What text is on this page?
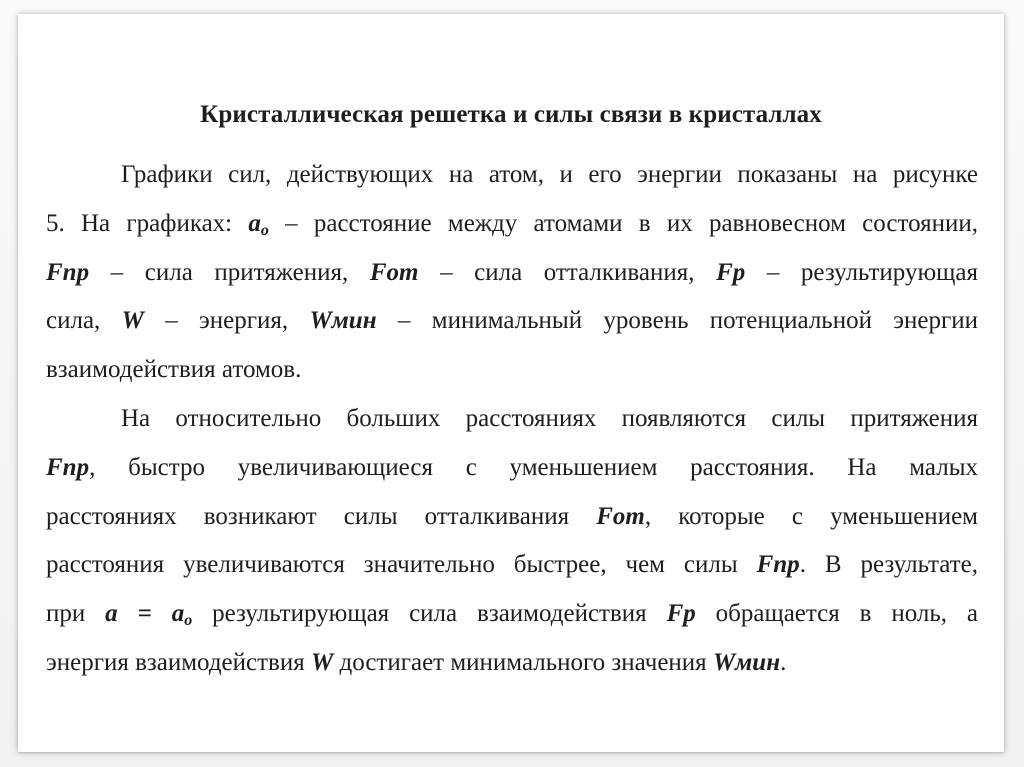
Кристаллическая решетка и силы связи в кристаллах
Графики сил, действующих на атом, и его энергии показаны на рисунке
5. На графиках: ao – расстояние между атомами в их равновесном состоянии,
Fпр – сила притяжения, Fот – сила отталкивания, Fр – результирующая
сила, W – энергия, Wмин – минимальный уровень потенциальной энергии
взаимодействия атомов.
На относительно больших расстояниях появляются силы притяжения
Fпр, быстро увеличивающиеся с уменьшением расстояния. На малых
расстояниях возникают силы отталкивания Fот, которые с уменьшением
расстояния увеличиваются значительно быстрее, чем силы Fпр. В результате,
при a = ao результирующая сила взаимодействия Fр обращается в ноль, а
энергия взаимодействия W достигает минимального значения Wмин.
